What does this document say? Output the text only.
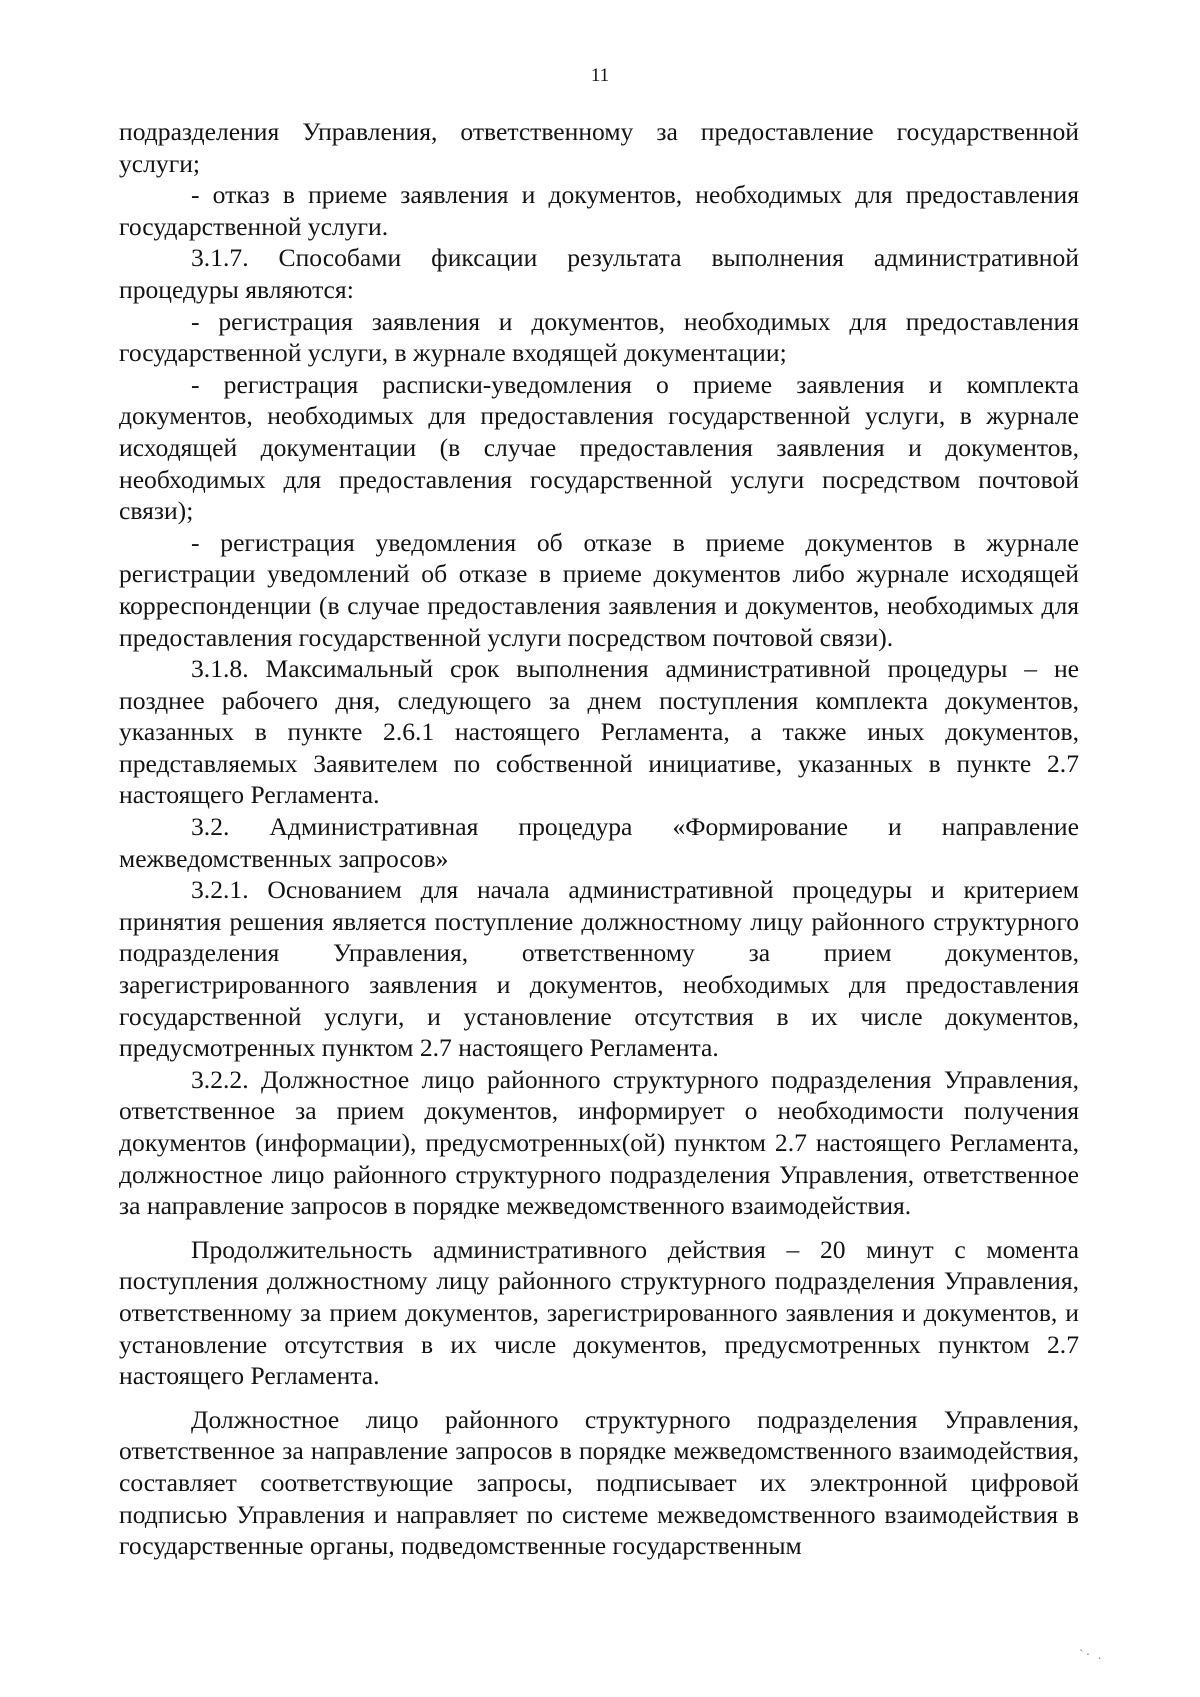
11

подразделения Управления, ответственному за предоставление государственной услуги;

- отказ в приеме заявления и документов, необходимых для предоставления государственной услуги.

3.1.7. Способами фиксации результата выполнения административной процедуры являются:

- регистрация заявления и документов, необходимых для предоставления государственной услуги, в журнале входящей документации;

- регистрация расписки-уведомления о приеме заявления и комплекта документов, необходимых для предоставления государственной услуги, в журнале исходящей документации (в случае предоставления заявления и документов, необходимых для предоставления государственной услуги посредством почтовой связи);

- регистрация уведомления об отказе в приеме документов в журнале регистрации уведомлений об отказе в приеме документов либо журнале исходящей корреспонденции (в случае предоставления заявления и документов, необходимых для предоставления государственной услуги посредством почтовой связи).

3.1.8. Максимальный срок выполнения административной процедуры – не позднее рабочего дня, следующего за днем поступления комплекта документов, указанных в пункте 2.6.1 настоящего Регламента, а также иных документов, представляемых Заявителем по собственной инициативе, указанных в пункте 2.7 настоящего Регламента.

3.2. Административная процедура «Формирование и направление межведомственных запросов»

3.2.1. Основанием для начала административной процедуры и критерием принятия решения является поступление должностному лицу районного структурного подразделения Управления, ответственному за прием документов, зарегистрированного заявления и документов, необходимых для предоставления государственной услуги, и установление отсутствия в их числе документов, предусмотренных пунктом 2.7 настоящего Регламента.

3.2.2. Должностное лицо районного структурного подразделения Управления, ответственное за прием документов, информирует о необходимости получения документов (информации), предусмотренных(ой) пунктом 2.7 настоящего Регламента, должностное лицо районного структурного подразделения Управления, ответственное за направление запросов в порядке межведомственного взаимодействия.

Продолжительность административного действия – 20 минут с момента поступления должностному лицу районного структурного подразделения Управления, ответственному за прием документов, зарегистрированного заявления и документов, и установление отсутствия в их числе документов, предусмотренных пунктом 2.7 настоящего Регламента.

Должностное лицо районного структурного подразделения Управления, ответственное за направление запросов в порядке межведомственного взаимодействия, составляет соответствующие запросы, подписывает их электронной цифровой подписью Управления и направляет по системе межведомственного взаимодействия в государственные органы, подведомственные государственным

ˋ· .
